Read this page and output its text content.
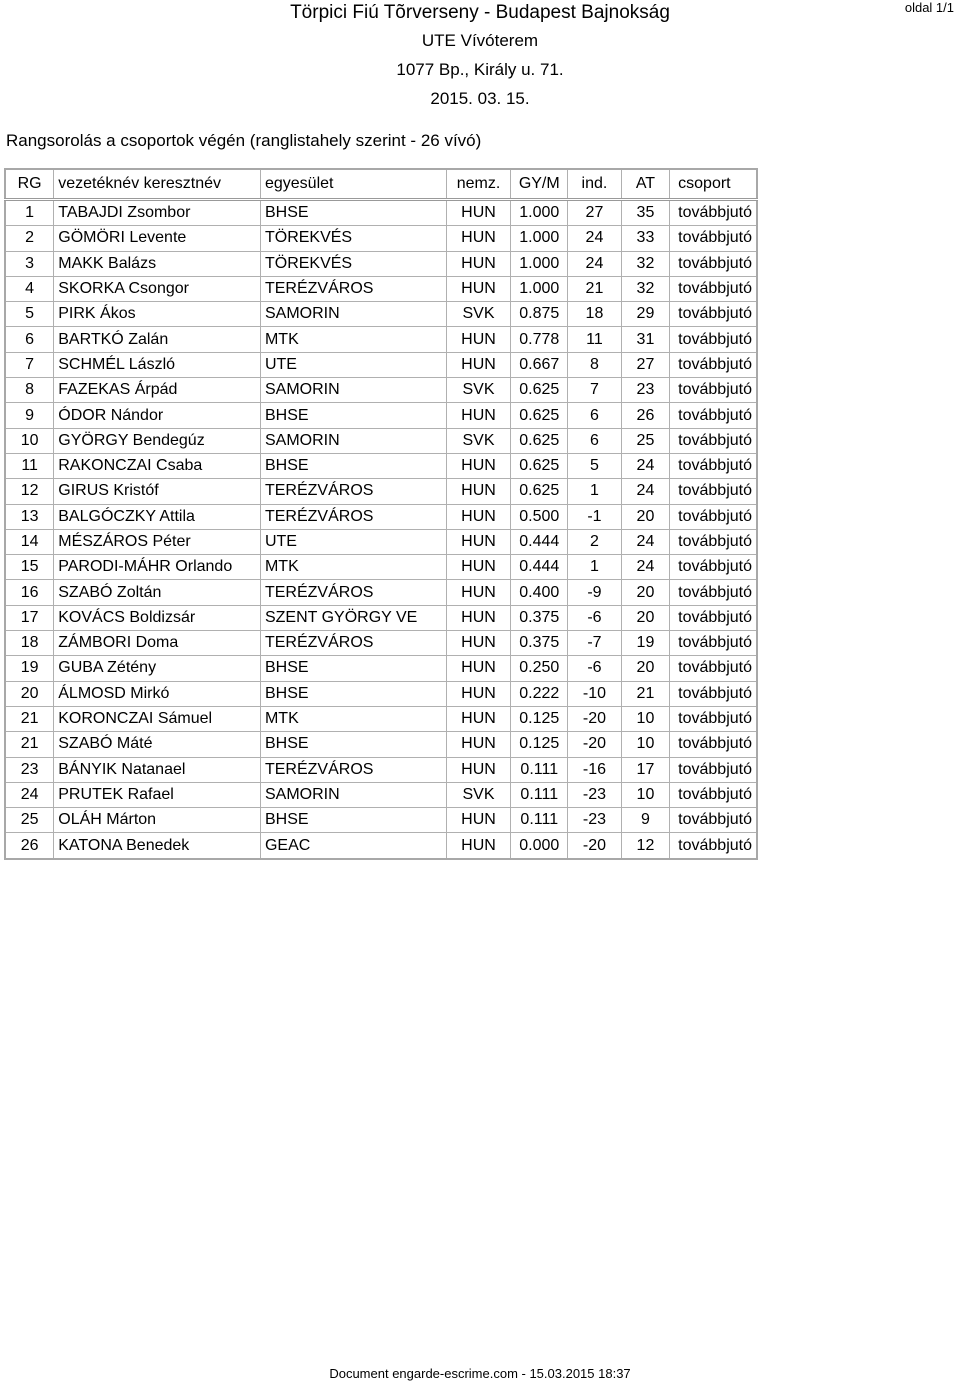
Törpici Fiú Tõrverseny - Budapest Bajnokság
UTE Vívóterem
1077 Bp., Király u. 71.
2015. 03. 15.
oldal 1/1
Rangsorolás a csoportok végén (ranglistahely szerint - 26 vívó)
RG	vezetéknév keresztnév	egyesület	nemz.	GY/M	ind.	AT	csoport
1	TABAJDI Zsombor	BHSE	HUN	1.000	27	35	továbbjutó
2	GÖMÖRI Levente	TÖREKVÉS	HUN	1.000	24	33	továbbjutó
3	MAKK Balázs	TÖREKVÉS	HUN	1.000	24	32	továbbjutó
4	SKORKA Csongor	TERÉZVÁROS	HUN	1.000	21	32	továbbjutó
5	PIRK Ákos	SAMORIN	SVK	0.875	18	29	továbbjutó
6	BARTKÓ Zalán	MTK	HUN	0.778	11	31	továbbjutó
7	SCHMÉL László	UTE	HUN	0.667	8	27	továbbjutó
8	FAZEKAS Árpád	SAMORIN	SVK	0.625	7	23	továbbjutó
9	ÓDOR Nándor	BHSE	HUN	0.625	6	26	továbbjutó
10	GYÖRGY Bendegúz	SAMORIN	SVK	0.625	6	25	továbbjutó
11	RAKONCZAI Csaba	BHSE	HUN	0.625	5	24	továbbjutó
12	GIRUS Kristóf	TERÉZVÁROS	HUN	0.625	1	24	továbbjutó
13	BALGÓCZKY Attila	TERÉZVÁROS	HUN	0.500	-1	20	továbbjutó
14	MÉSZÁROS Péter	UTE	HUN	0.444	2	24	továbbjutó
15	PARODI-MÁHR Orlando	MTK	HUN	0.444	1	24	továbbjutó
16	SZABÓ Zoltán	TERÉZVÁROS	HUN	0.400	-9	20	továbbjutó
17	KOVÁCS Boldizsár	SZENT GYÖRGY VE	HUN	0.375	-6	20	továbbjutó
18	ZÁMBORI Doma	TERÉZVÁROS	HUN	0.375	-7	19	továbbjutó
19	GUBA Zétény	BHSE	HUN	0.250	-6	20	továbbjutó
20	ÁLMOSD Mirkó	BHSE	HUN	0.222	-10	21	továbbjutó
21	KORONCZAI Sámuel	MTK	HUN	0.125	-20	10	továbbjutó
21	SZABÓ Máté	BHSE	HUN	0.125	-20	10	továbbjutó
23	BÁNYIK Natanael	TERÉZVÁROS	HUN	0.111	-16	17	továbbjutó
24	PRUTEK Rafael	SAMORIN	SVK	0.111	-23	10	továbbjutó
25	OLÁH Márton	BHSE	HUN	0.111	-23	9	továbbjutó
26	KATONA Benedek	GEAC	HUN	0.000	-20	12	továbbjutó
Document engarde-escrime.com - 15.03.2015 18:37
